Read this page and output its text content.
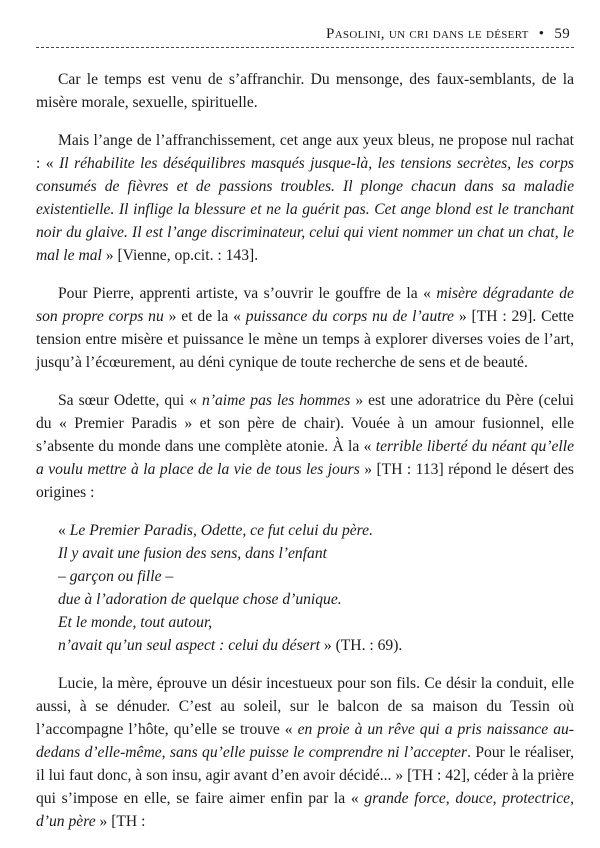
Pasolini, un cri dans le désert • 59

Car le temps est venu de s’affranchir. Du mensonge, des faux-semblants, de la misère morale, sexuelle, spirituelle.

Mais l’ange de l’affranchissement, cet ange aux yeux bleus, ne propose nul rachat : « Il réhabilite les déséquilibres masqués jusque-là, les tensions secrètes, les corps consumés de fièvres et de passions troubles. Il plonge chacun dans sa maladie existentielle. Il inflige la blessure et ne la guérit pas. Cet ange blond est le tranchant noir du glaive. Il est l’ange discriminateur, celui qui vient nommer un chat un chat, le mal le mal » [Vienne, op.cit. : 143].

Pour Pierre, apprenti artiste, va s’ouvrir le gouffre de la « misère dégradante de son propre corps nu » et de la « puissance du corps nu de l’autre » [TH : 29]. Cette tension entre misère et puissance le mène un temps à explorer diverses voies de l’art, jusqu’à l’écœurement, au déni cynique de toute recherche de sens et de beauté.

Sa sœur Odette, qui « n’aime pas les hommes » est une adoratrice du Père (celui du « Premier Paradis » et son père de chair). Vouée à un amour fusionnel, elle s’absente du monde dans une complète atonie. À la « terrible liberté du néant qu’elle a voulu mettre à la place de la vie de tous les jours » [TH : 113] répond le désert des origines :

« Le Premier Paradis, Odette, ce fut celui du père.
Il y avait une fusion des sens, dans l’enfant
– garçon ou fille –
due à l’adoration de quelque chose d’unique.
Et le monde, tout autour,
n’avait qu’un seul aspect : celui du désert » (TH. : 69).

Lucie, la mère, éprouve un désir incestueux pour son fils. Ce désir la conduit, elle aussi, à se dénuder. C’est au soleil, sur le balcon de sa maison du Tessin où l’accompagne l’hôte, qu’elle se trouve « en proie à un rêve qui a pris naissance au-dedans d’elle-même, sans qu’elle puisse le comprendre ni l’accepter. Pour le réaliser, il lui faut donc, à son insu, agir avant d’en avoir décidé... » [TH : 42], céder à la prière qui s’impose en elle, se faire aimer enfin par la « grande force, douce, protectrice, d’un père » [TH :
